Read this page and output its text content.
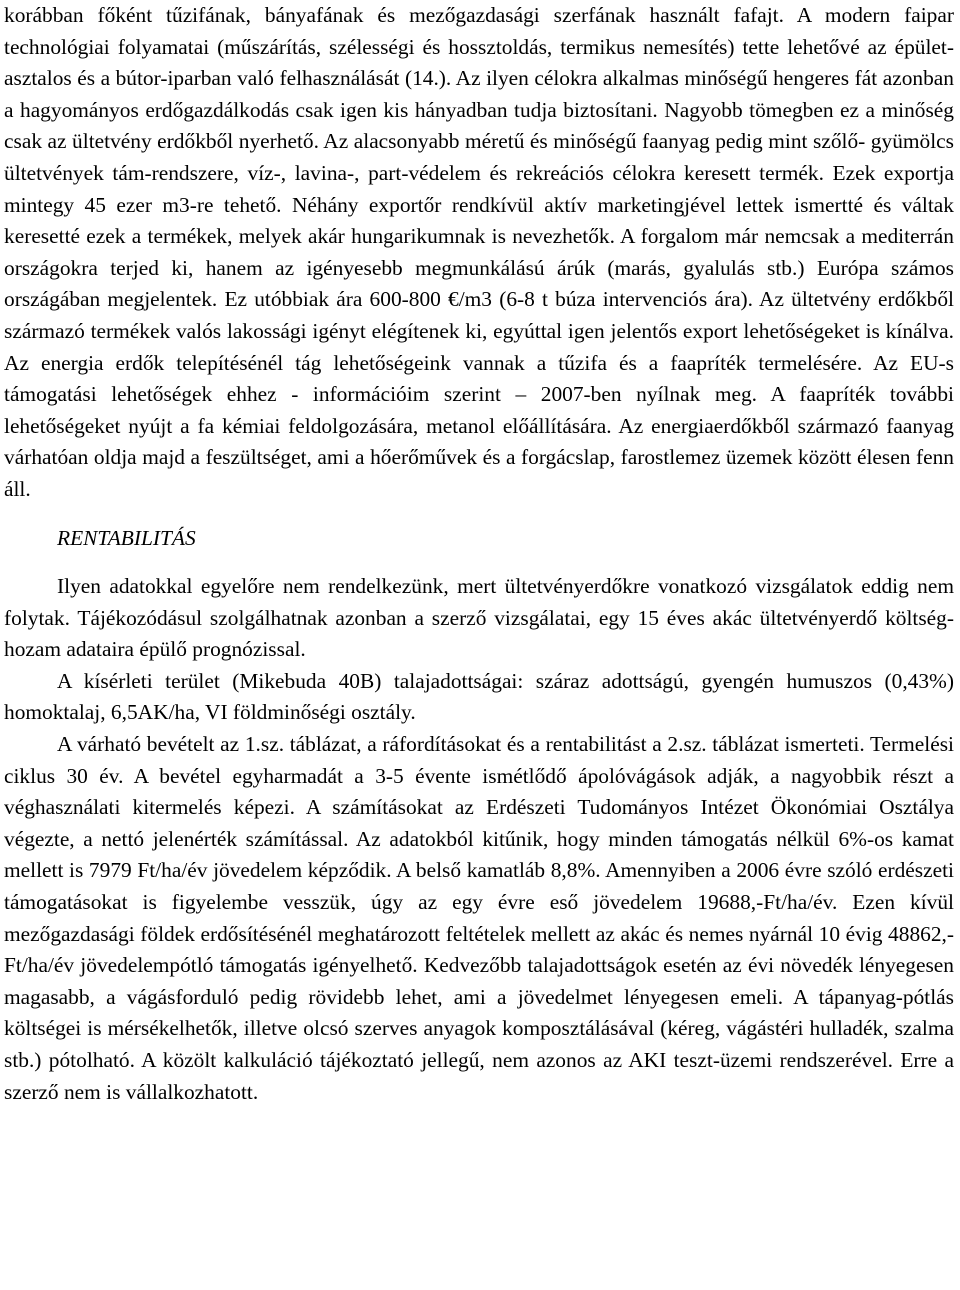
korábban főként tűzifának, bányafának és mezőgazdasági szerfának használt fafajt. A modern faipar technológiai folyamatai (műszárítás, szélességi és hossztoldás, termikus nemesítés) tette lehetővé az épület-asztalos és a bútor-iparban való felhasználását (14.). Az ilyen célokra alkalmas minőségű hengeres fát azonban a hagyományos erdőgazdálkodás csak igen kis hányadban tudja biztosítani. Nagyobb tömegben ez a minőség csak az ültetvény erdőkből nyerhető. Az alacsonyabb méretű és minőségű faanyag pedig mint szőlő- gyümölcs ültetvények tám-rendszere, víz-, lavina-, part-védelem és rekreációs célokra keresett termék. Ezek exportja mintegy 45 ezer m3-re tehető. Néhány exportőr rendkívül aktív marketingjével lettek ismertté és váltak keresetté ezek a termékek, melyek akár hungarikumnak is nevezhetők. A forgalom már nemcsak a mediterrán országokra terjed ki, hanem az igényesebb megmunkálású árúk (marás, gyalulás stb.) Európa számos országában megjelentek. Ez utóbbiak ára 600-800 €/m3 (6-8 t búza intervenciós ára). Az ültetvény erdőkből származó termékek valós lakossági igényt elégítenek ki, egyúttal igen jelentős export lehetőségeket is kínálva. Az energia erdők telepítésénél tág lehetőségeink vannak a tűzifa és a faapríték termelésére. Az EU-s támogatási lehetőségek ehhez - információim szerint – 2007-ben nyílnak meg. A faapríték további lehetőségeket nyújt a fa kémiai feldolgozására, metanol előállítására. Az energiaerdőkből származó faanyag várhatóan oldja majd a feszültséget, ami a hőerőművek és a forgácslap, farostlemez üzemek között élesen fenn áll.

RENTABILITÁS

Ilyen adatokkal egyelőre nem rendelkezünk, mert ültetvényerdőkre vonatkozó vizsgálatok eddig nem folytak. Tájékozódásul szolgálhatnak azonban a szerző vizsgálatai, egy 15 éves akác ültetvényerdő költség-hozam adataira épülő prognózissal.

A kísérleti terület (Mikebuda 40B) talajadottságai: száraz adottságú, gyengén humuszos (0,43%) homoktalaj, 6,5AK/ha, VI földminőségi osztály.

A várható bevételt az 1.sz. táblázat, a ráfordításokat és a rentabilitást a 2.sz. táblázat ismerteti. Termelési ciklus 30 év. A bevétel egyharmadát a 3-5 évente ismétlődő ápolóvágások adják, a nagyobbik részt a véghasználati kitermelés képezi. A számításokat az Erdészeti Tudományos Intézet Ökonómiai Osztálya végezte, a nettó jelenérték számítással. Az adatokból kitűnik, hogy minden támogatás nélkül 6%-os kamat mellett is 7979 Ft/ha/év jövedelem képződik. A belső kamatláb 8,8%. Amennyiben a 2006 évre szóló erdészeti támogatásokat is figyelembe vesszük, úgy az egy évre eső jövedelem 19688,-Ft/ha/év. Ezen kívül mezőgazdasági földek erdősítésénél meghatározott feltételek mellett az akác és nemes nyárnál 10 évig 48862,-Ft/ha/év jövedelempótló támogatás igényelhető. Kedvezőbb talajadottságok esetén az évi növedék lényegesen magasabb, a vágásforduló pedig rövidebb lehet, ami a jövedelmet lényegesen emeli. A tápanyag-pótlás költségei is mérsékelhetők, illetve olcsó szerves anyagok komposztálásával (kéreg, vágástéri hulladék, szalma stb.) pótolható. A közölt kalkuláció tájékoztató jellegű, nem azonos az AKI teszt-üzemi rendszerével. Erre a szerző nem is vállalkozhatott.
